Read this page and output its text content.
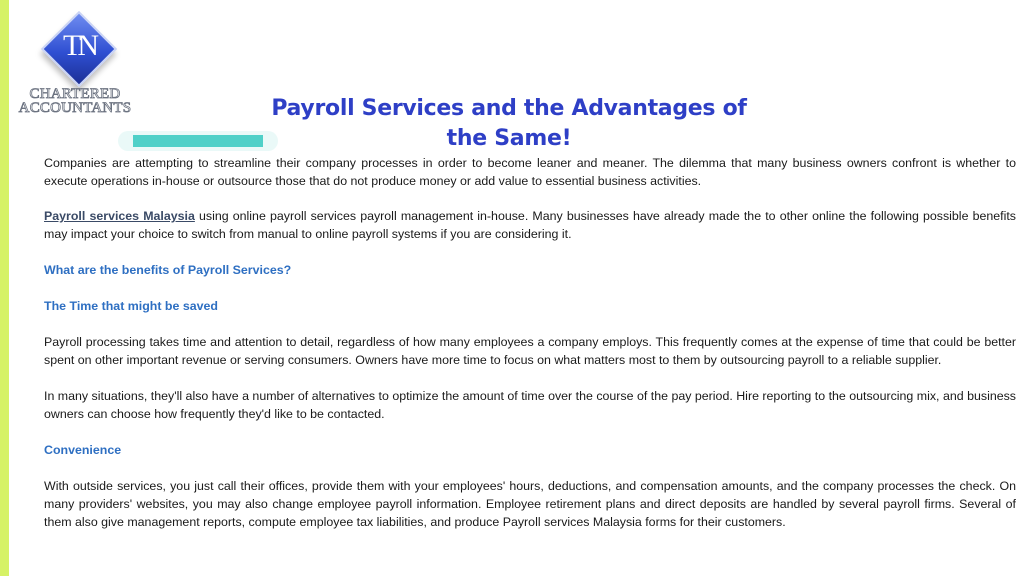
TN
CHARTERED
ACCOUNTANTS	Payroll Services and the Advantages of
the Same!

Companies are attempting to streamline their company processes in order to become leaner and meaner. The dilemma that many business owners confront is whether to execute operations in-house or outsource those that do not produce money or add value to essential business activities.

Payroll services Malaysia using online payroll services payroll management in-house. Many businesses have already made the to other online the following possible benefits may impact your choice to switch from manual to online payroll systems if you are considering it.

What are the benefits of Payroll Services?

The Time that might be saved

Payroll processing takes time and attention to detail, regardless of how many employees a company employs. This frequently comes at the expense of time that could be better spent on other important revenue or serving consumers. Owners have more time to focus on what matters most to them by outsourcing payroll to a reliable supplier.

In many situations, they'll also have a number of alternatives to optimize the amount of time over the course of the pay period. Hire reporting to the outsourcing mix, and business owners can choose how frequently they'd like to be contacted.

Convenience

With outside services, you just call their offices, provide them with your employees' hours, deductions, and compensation amounts, and the company processes the check. On many providers' websites, you may also change employee payroll information. Employee retirement plans and direct deposits are handled by several payroll firms. Several of them also give management reports, compute employee tax liabilities, and produce Payroll services Malaysia forms for their customers.
